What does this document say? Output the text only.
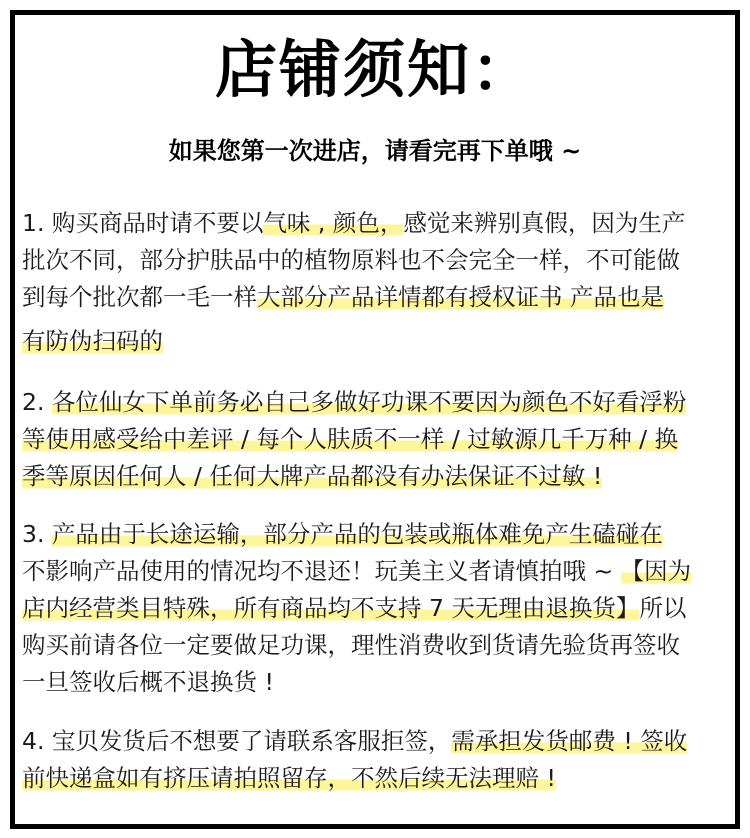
店铺须知：
如果您第一次进店，请看完再下单哦 ~
1. 购买商品时请不要以气味 , 颜色，感觉来辨别真假，因为生产
批次不同，部分护肤品中的植物原料也不会完全一样，不可能做
到每个批次都一毛一样大部分产品详情都有授权证书 产品也是
有防伪扫码的
2. 各位仙女下单前务必自己多做好功课不要因为颜色不好看浮粉
等使用感受给中差评 / 每个人肤质不一样 / 过敏源几千万种 / 换
季等原因任何人 / 任何大牌产品都没有办法保证不过敏 !
3. 产品由于长途运输，部分产品的包装或瓶体难免产生磕碰在
不影响产品使用的情况均不退还！玩美主义者请慎拍哦 ~ 【因为
店内经营类目特殊，所有商品均不支持 7 天无理由退换货】所以
购买前请各位一定要做足功课，理性消费收到货请先验货再签收
一旦签收后概不退换货 !
4. 宝贝发货后不想要了请联系客服拒签，需承担发货邮费 ! 签收
前快递盒如有挤压请拍照留存，不然后续无法理赔 !
